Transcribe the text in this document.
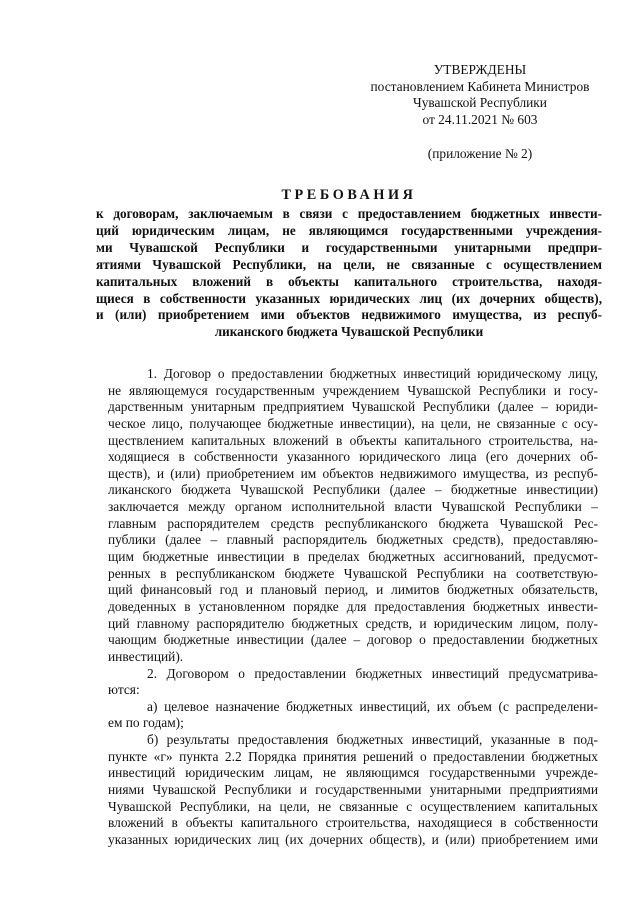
УТВЕРЖДЕНЫ
постановлением Кабинета Министров
Чувашской Республики
от 24.11.2021 № 603
(приложение № 2)
ТРЕБОВАНИЯ
к договорам, заключаемым в связи с предоставлением бюджетных инвести-
ций юридическим лицам, не являющимся государственными учреждения-
ми Чувашской Республики и государственными унитарными предпри-
ятиями Чувашской Республики, на цели, не связанные с осуществлением
капитальных вложений в объекты капитального строительства, находя-
щиеся в собственности указанных юридических лиц (их дочерних обществ),
и (или) приобретением ими объектов недвижимого имущества, из респуб-
ликанского бюджета Чувашской Республики
1. Договор о предоставлении бюджетных инвестиций юридическому лицу,
не являющемуся государственным учреждением Чувашской Республики и госу-
дарственным унитарным предприятием Чувашской Республики (далее – юриди-
ческое лицо, получающее бюджетные инвестиции), на цели, не связанные с осу-
ществлением капитальных вложений в объекты капитального строительства, на-
ходящиеся в собственности указанного юридического лица (его дочерних об-
ществ), и (или) приобретением им объектов недвижимого имущества, из респуб-
ликанского бюджета Чувашской Республики (далее – бюджетные инвестиции)
заключается между органом исполнительной власти Чувашской Республики –
главным распорядителем средств республиканского бюджета Чувашской Рес-
публики (далее – главный распорядитель бюджетных средств), предоставляю-
щим бюджетные инвестиции в пределах бюджетных ассигнований, предусмот-
ренных в республиканском бюджете Чувашской Республики на соответствую-
щий финансовый год и плановый период, и лимитов бюджетных обязательств,
доведенных в установленном порядке для предоставления бюджетных инвести-
ций главному распорядителю бюджетных средств, и юридическим лицом, полу-
чающим бюджетные инвестиции (далее – договор о предоставлении бюджетных
инвестиций).
2. Договором о предоставлении бюджетных инвестиций предусматрива-
ются:
а) целевое назначение бюджетных инвестиций, их объем (с распределени-
ем по годам);
б) результаты предоставления бюджетных инвестиций, указанные в под-
пункте «г» пункта 2.2 Порядка принятия решений о предоставлении бюджетных
инвестиций юридическим лицам, не являющимся государственными учрежде-
ниями Чувашской Республики и государственными унитарными предприятиями
Чувашской Республики, на цели, не связанные с осуществлением капитальных
вложений в объекты капитального строительства, находящиеся в собственности
указанных юридических лиц (их дочерних обществ), и (или) приобретением ими
